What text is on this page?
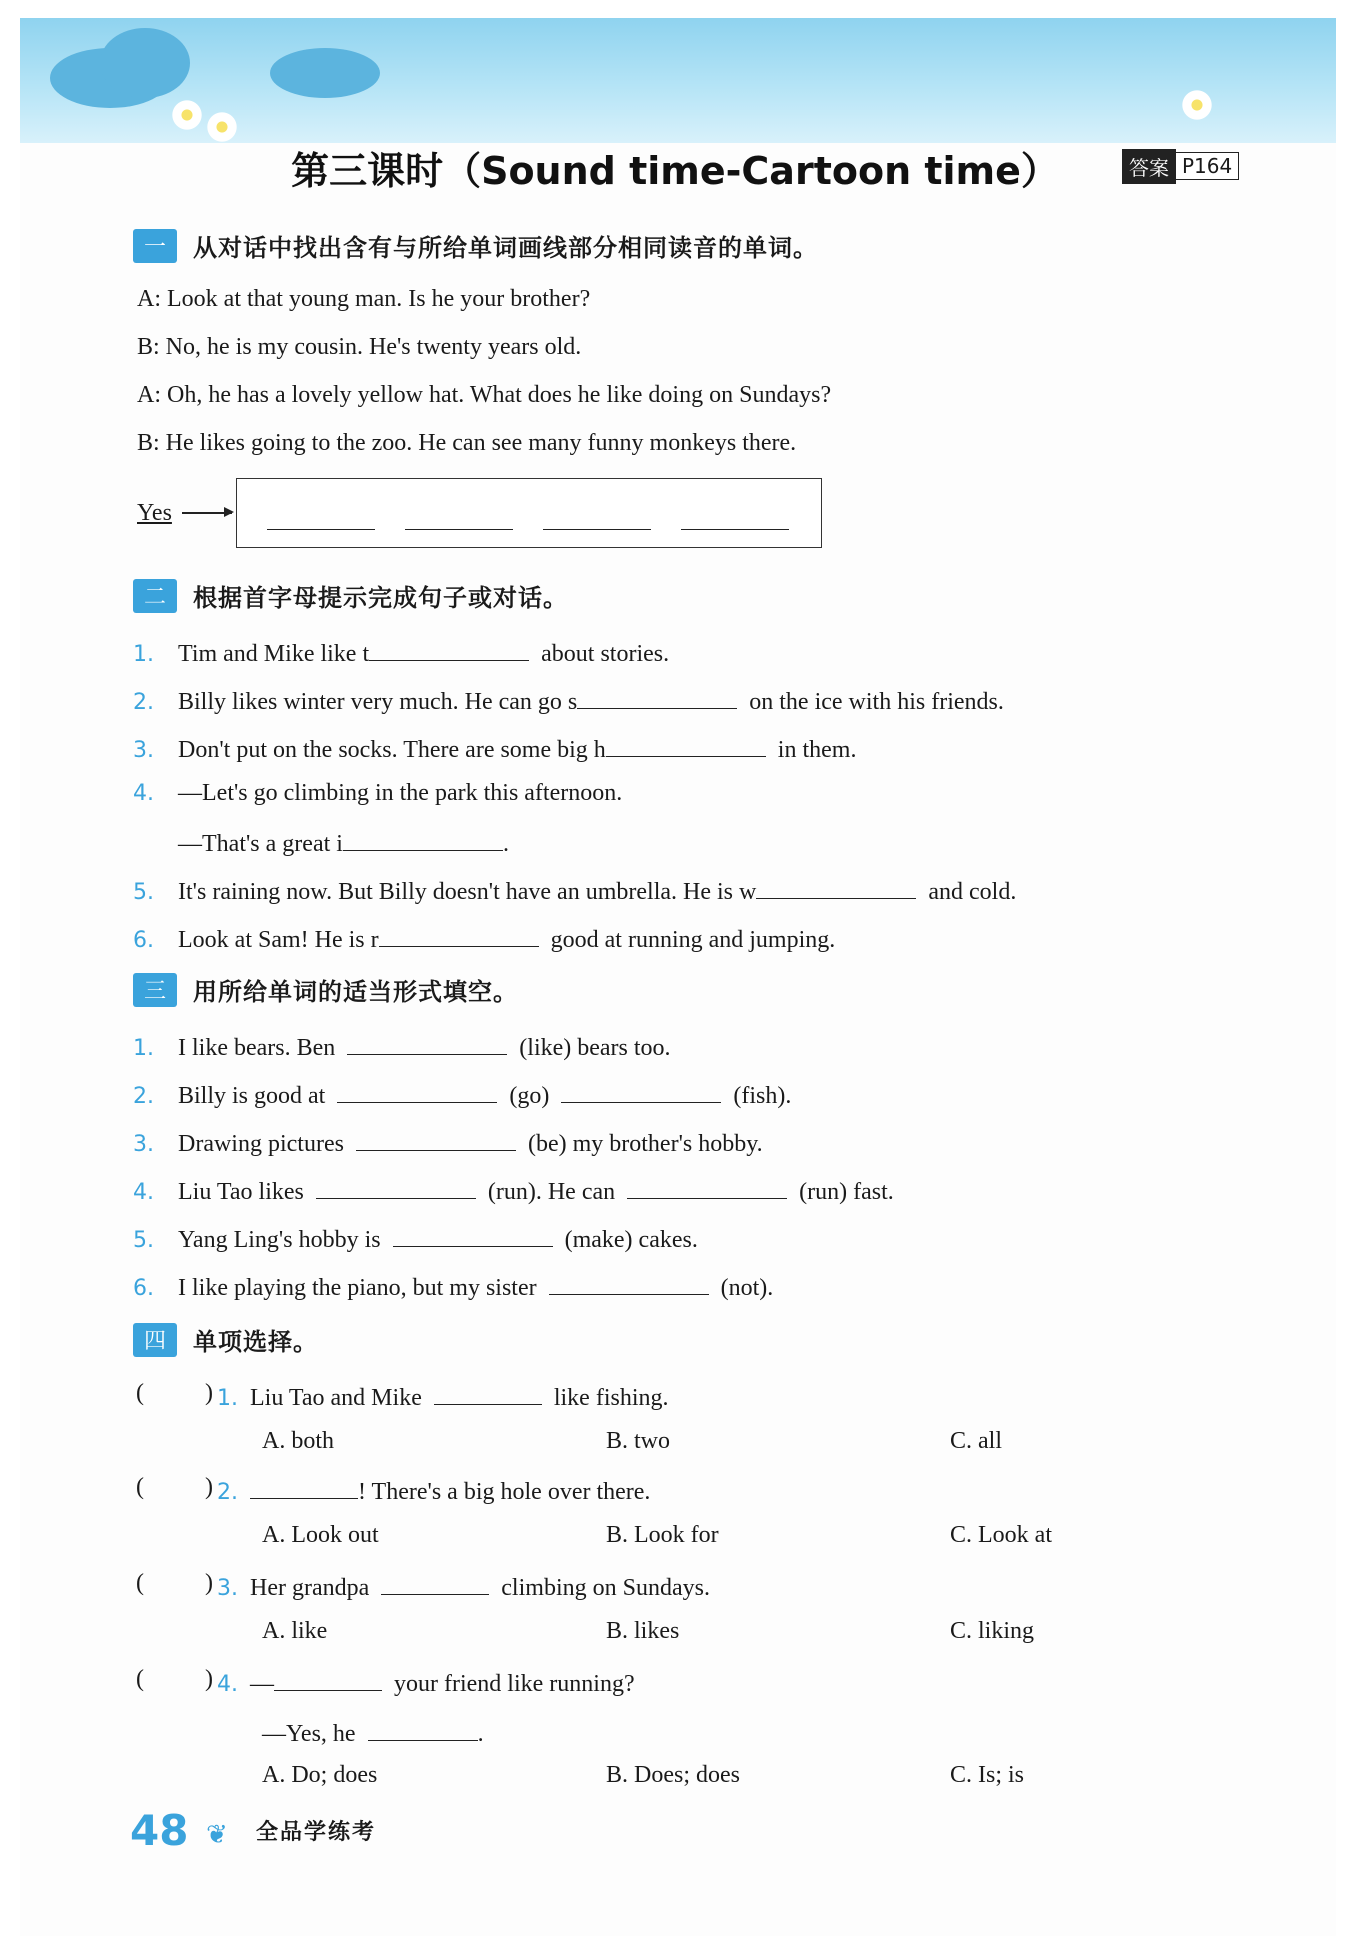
第三课时（Sound time-Cartoon time）	答案 P164
一	从对话中找出含有与所给单词画线部分相同读音的单词。
A: Look at that young man. Is he your brother?
B: No, he is my cousin. He's twenty years old.
A: Oh, he has a lovely yellow hat. What does he like doing on Sundays?
B: He likes going to the zoo. He can see many funny monkeys there.
Yes
二	根据首字母提示完成句子或对话。
1. Tim and Mike like t	about stories.
2. Billy likes winter very much. He can go s	on the ice with his friends.
3. Don't put on the socks. There are some big h	in them.
4. —Let's go climbing in the park this afternoon.
—That's a great i	.
5. It's raining now. But Billy doesn't have an umbrella. He is w	and cold.
6. Look at Sam! He is r	good at running and jumping.
三	用所给单词的适当形式填空。
1. I like bears. Ben	(like) bears too.
2. Billy is good at	(go)	(fish).
3. Drawing pictures	(be) my brother's hobby.
4. Liu Tao likes	(run). He can	(run) fast.
5. Yang Ling's hobby is	(make) cakes.
6. I like playing the piano, but my sister	(not).
四	单项选择。
(	) 1. Liu Tao and Mike	like fishing.
A. both	B. two	C. all
(	) 2.	! There's a big hole over there.
A. Look out	B. Look for	C. Look at
(	) 3. Her grandpa	climbing on Sundays.
A. like	B. likes	C. liking
(	) 4. —	your friend like running?
—Yes, he	.
A. Do; does	B. Does; does	C. Is; is
48 ❦ 全品学练考
